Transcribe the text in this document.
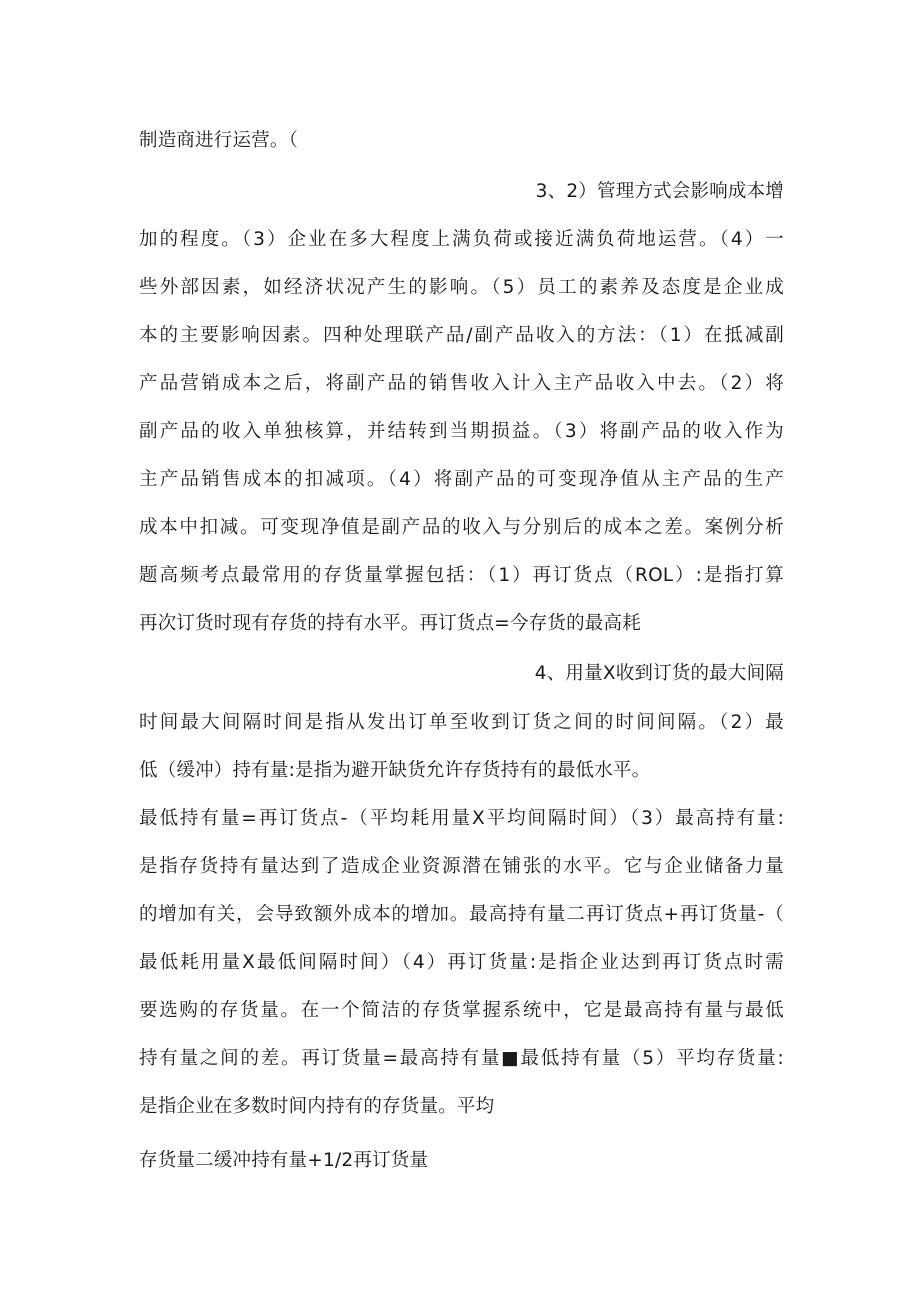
制造商进行运营。（
3、2）管理方式会影响成本增
加的程度。（3）企业在多大程度上满负荷或接近满负荷地运营。（4）一
些外部因素，如经济状况产生的影响。（5）员工的素养及态度是企业成
本的主要影响因素。四种处理联产品/副产品收入的方法：（1）在抵减副
产品营销成本之后，将副产品的销售收入计入主产品收入中去。（2）将
副产品的收入单独核算，并结转到当期损益。（3）将副产品的收入作为
主产品销售成本的扣减项。（4）将副产品的可变现净值从主产品的生产
成本中扣减。可变现净值是副产品的收入与分别后的成本之差。案例分析
题高频考点最常用的存货量掌握包括：（1）再订货点（ROL）:是指打算
再次订货时现有存货的持有水平。再订货点=今存货的最高耗
4、用量X收到订货的最大间隔
时间最大间隔时间是指从发出订单至收到订货之间的时间间隔。（2）最
低（缓冲）持有量:是指为避开缺货允许存货持有的最低水平。
最低持有量=再订货点-（平均耗用量X平均间隔时间）（3）最高持有量:
是指存货持有量达到了造成企业资源潜在铺张的水平。它与企业储备力量
的增加有关，会导致额外成本的增加。最高持有量二再订货点+再订货量-（
最低耗用量X最低间隔时间）（4）再订货量:是指企业达到再订货点时需
要选购的存货量。在一个简洁的存货掌握系统中，它是最高持有量与最低
持有量之间的差。再订货量=最高持有量■最低持有量（5）平均存货量:
是指企业在多数时间内持有的存货量。平均
存货量二缓冲持有量+1/2再订货量
